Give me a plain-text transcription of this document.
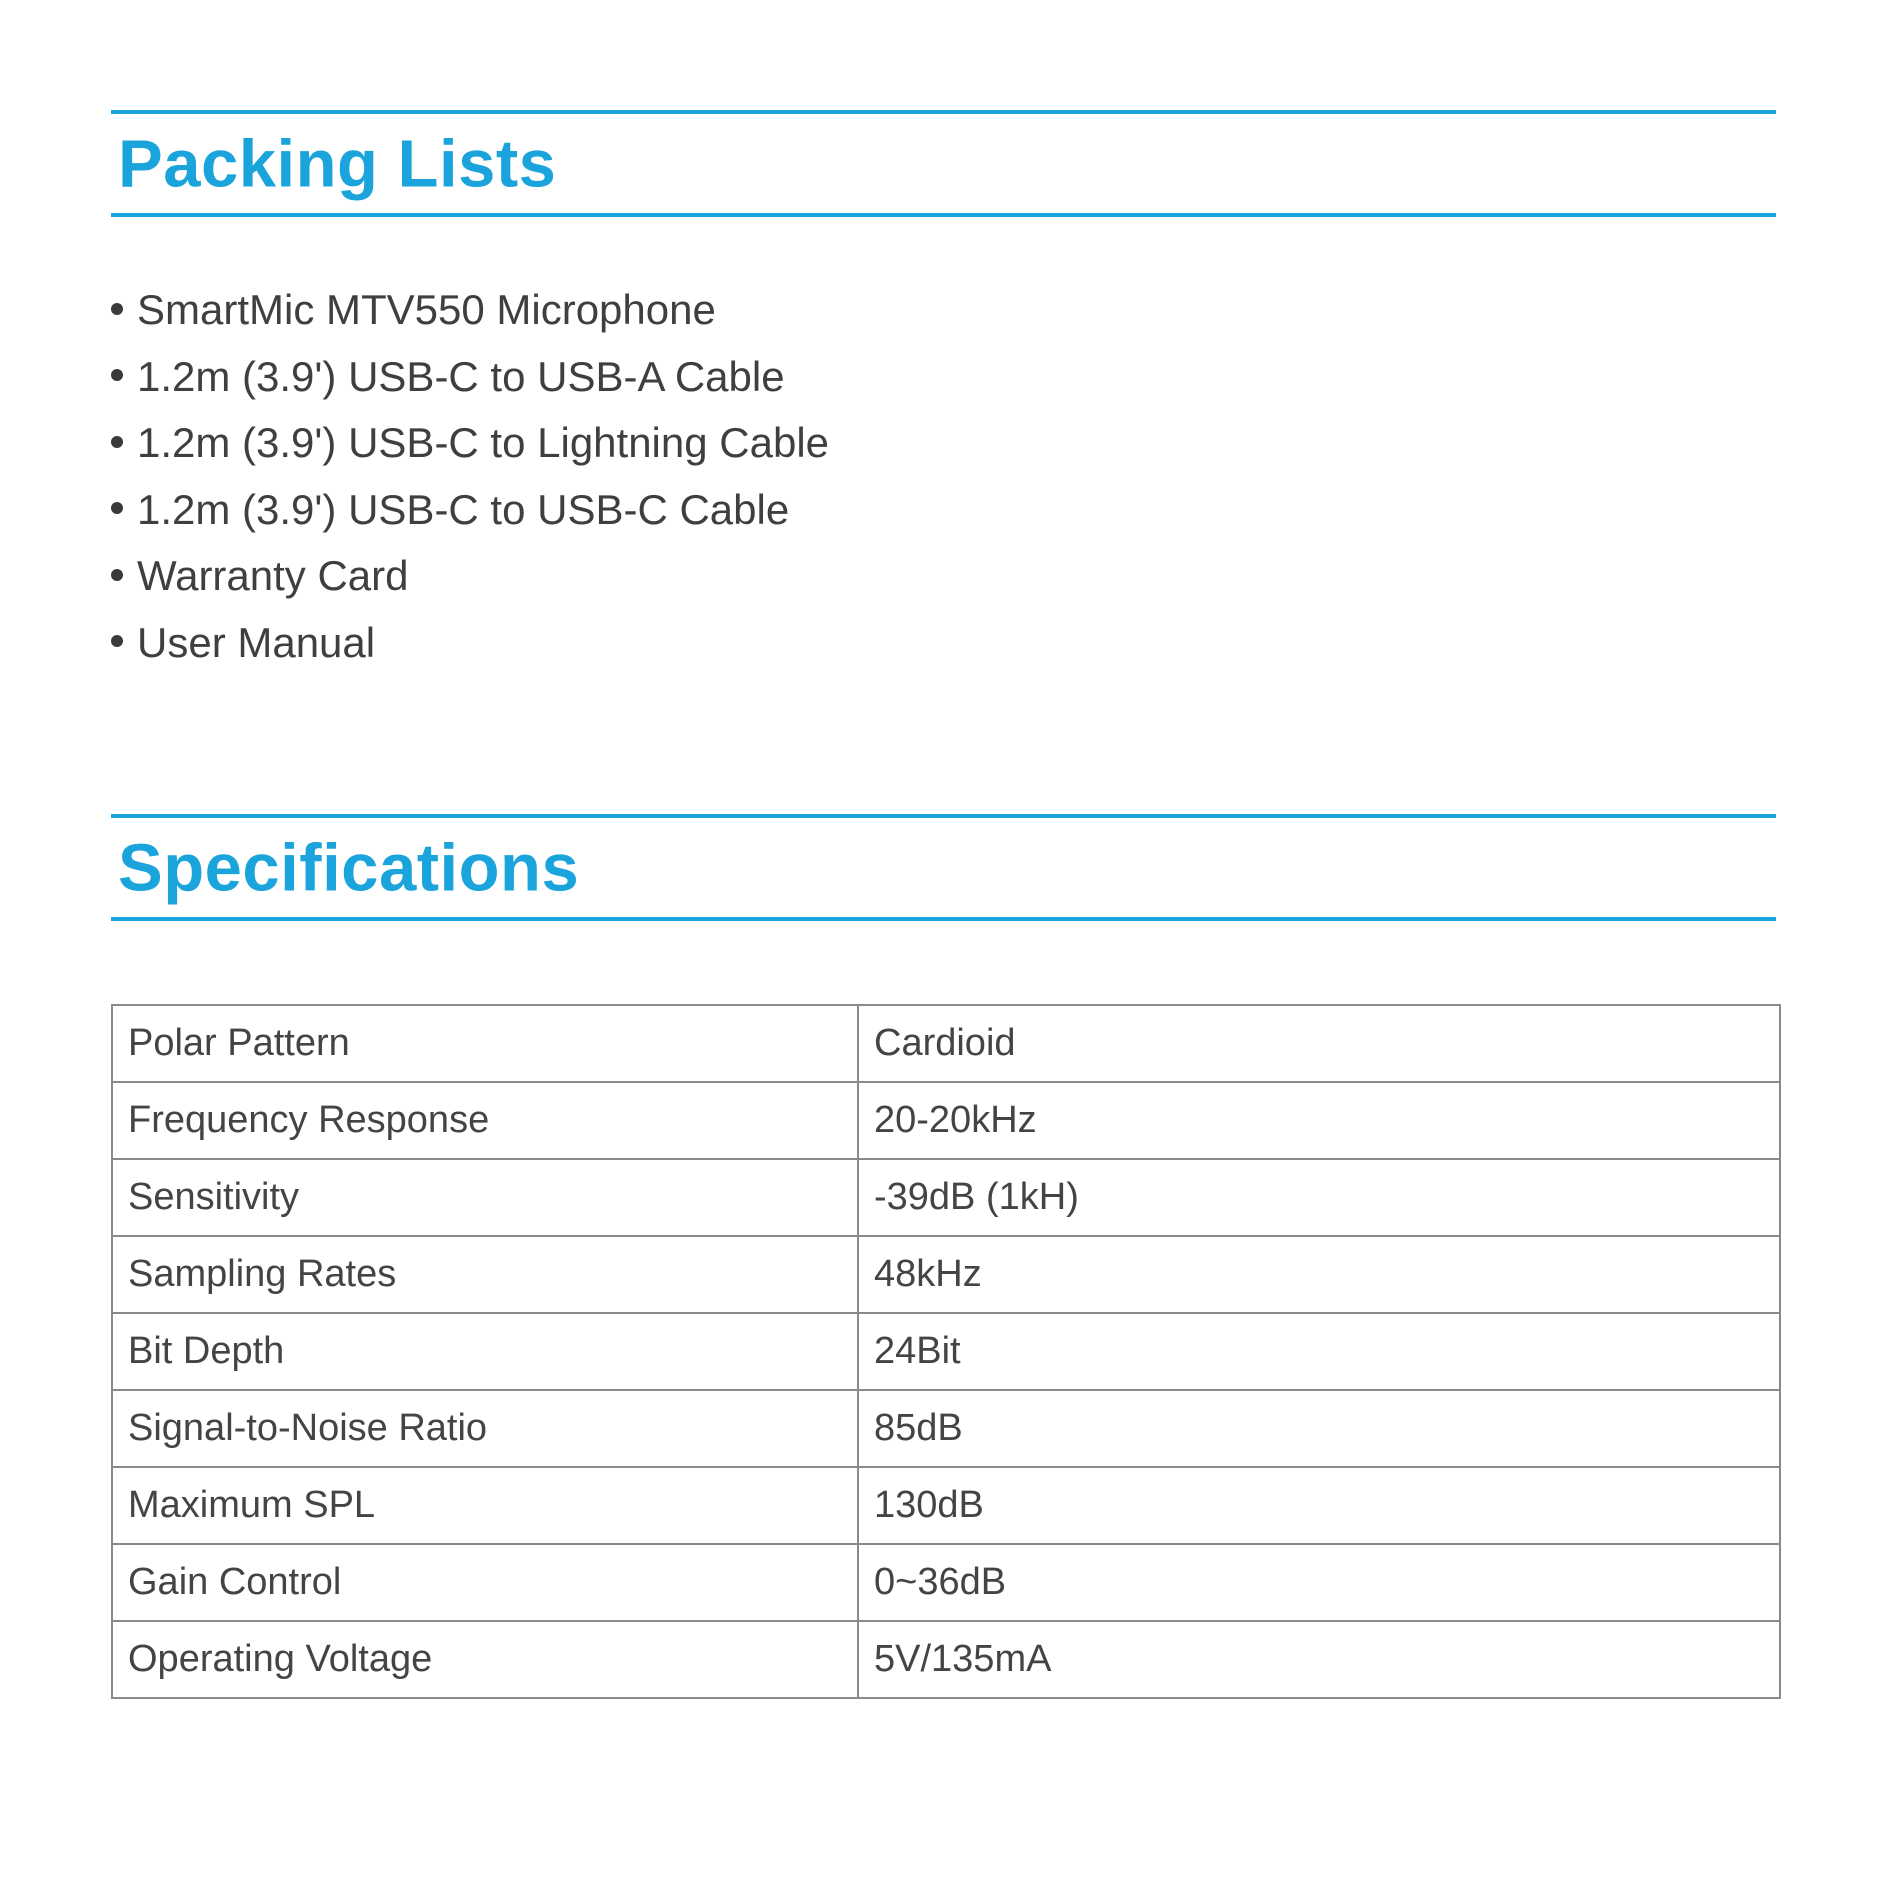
Packing Lists
SmartMic MTV550 Microphone
1.2m (3.9') USB-C to USB-A Cable
1.2m (3.9') USB-C to Lightning Cable
1.2m (3.9') USB-C to USB-C Cable
Warranty Card
User Manual
Specifications
Polar Pattern	Cardioid
Frequency Response	20-20kHz
Sensitivity	-39dB (1kH)
Sampling Rates	48kHz
Bit Depth	24Bit
Signal-to-Noise Ratio	85dB
Maximum SPL	130dB
Gain Control	0~36dB
Operating Voltage	5V/135mA
